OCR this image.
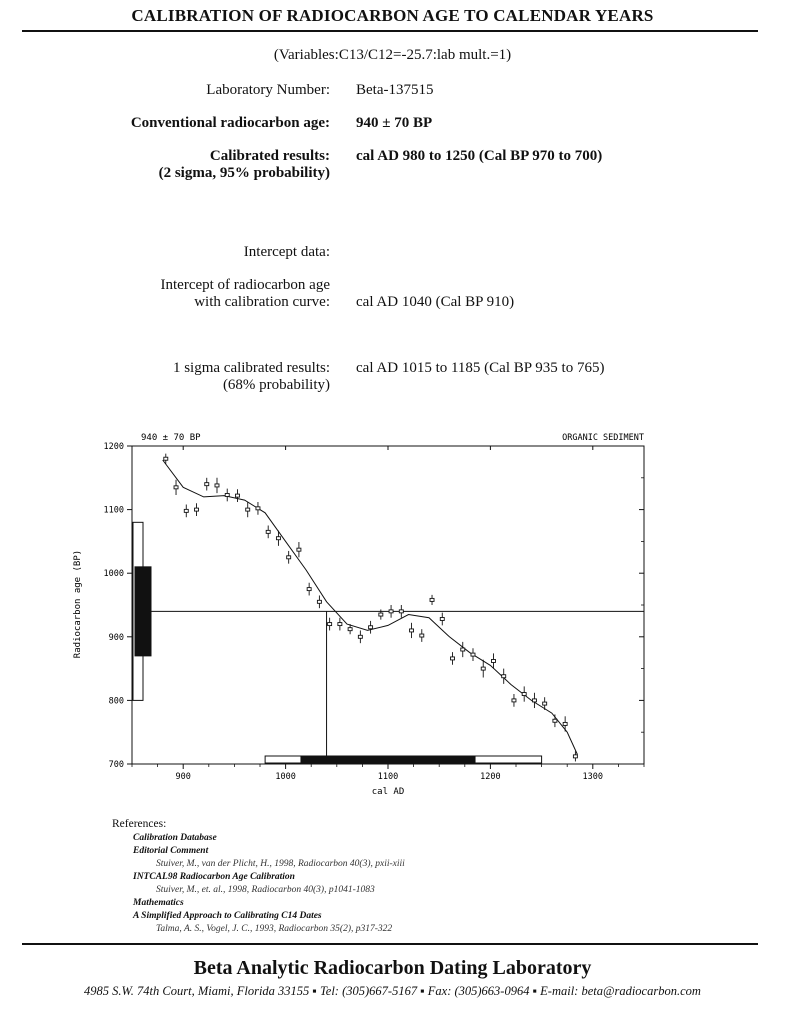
CALIBRATION OF RADIOCARBON AGE TO CALENDAR YEARS
(Variables:C13/C12=-25.7:lab mult.=1)
Laboratory Number: Beta-137515
Conventional radiocarbon age: 940 ± 70 BP
Calibrated results:
(2 sigma, 95% probability)
cal AD 980 to 1250 (Cal BP 970 to 700)
Intercept data:
Intercept of radiocarbon age
with calibration curve: cal AD 1040 (Cal BP 910)
1 sigma calibrated results:
(68% probability)
cal AD 1015 to 1185 (Cal BP 935 to 765)
940 ± 70 BP	ORGANIC SEDIMENT
cal AD
Radiocarbon age (BP)
900	1000	1100	1200	1300
700
800
900
1000
1100
1200
References:
Calibration Database
Editorial Comment
Stuiver, M., van der Plicht, H., 1998, Radiocarbon 40(3), pxii-xiii
INTCAL98 Radiocarbon Age Calibration
Stuiver, M., et. al., 1998, Radiocarbon 40(3), p1041-1083
Mathematics
A Simplified Approach to Calibrating C14 Dates
Talma, A. S., Vogel, J. C., 1993, Radiocarbon 35(2), p317-322
Beta Analytic Radiocarbon Dating Laboratory
4985 S.W. 74th Court, Miami, Florida 33155 ▪ Tel: (305)667-5167 ▪ Fax: (305)663-0964 ▪ E-mail: beta@radiocarbon.com
